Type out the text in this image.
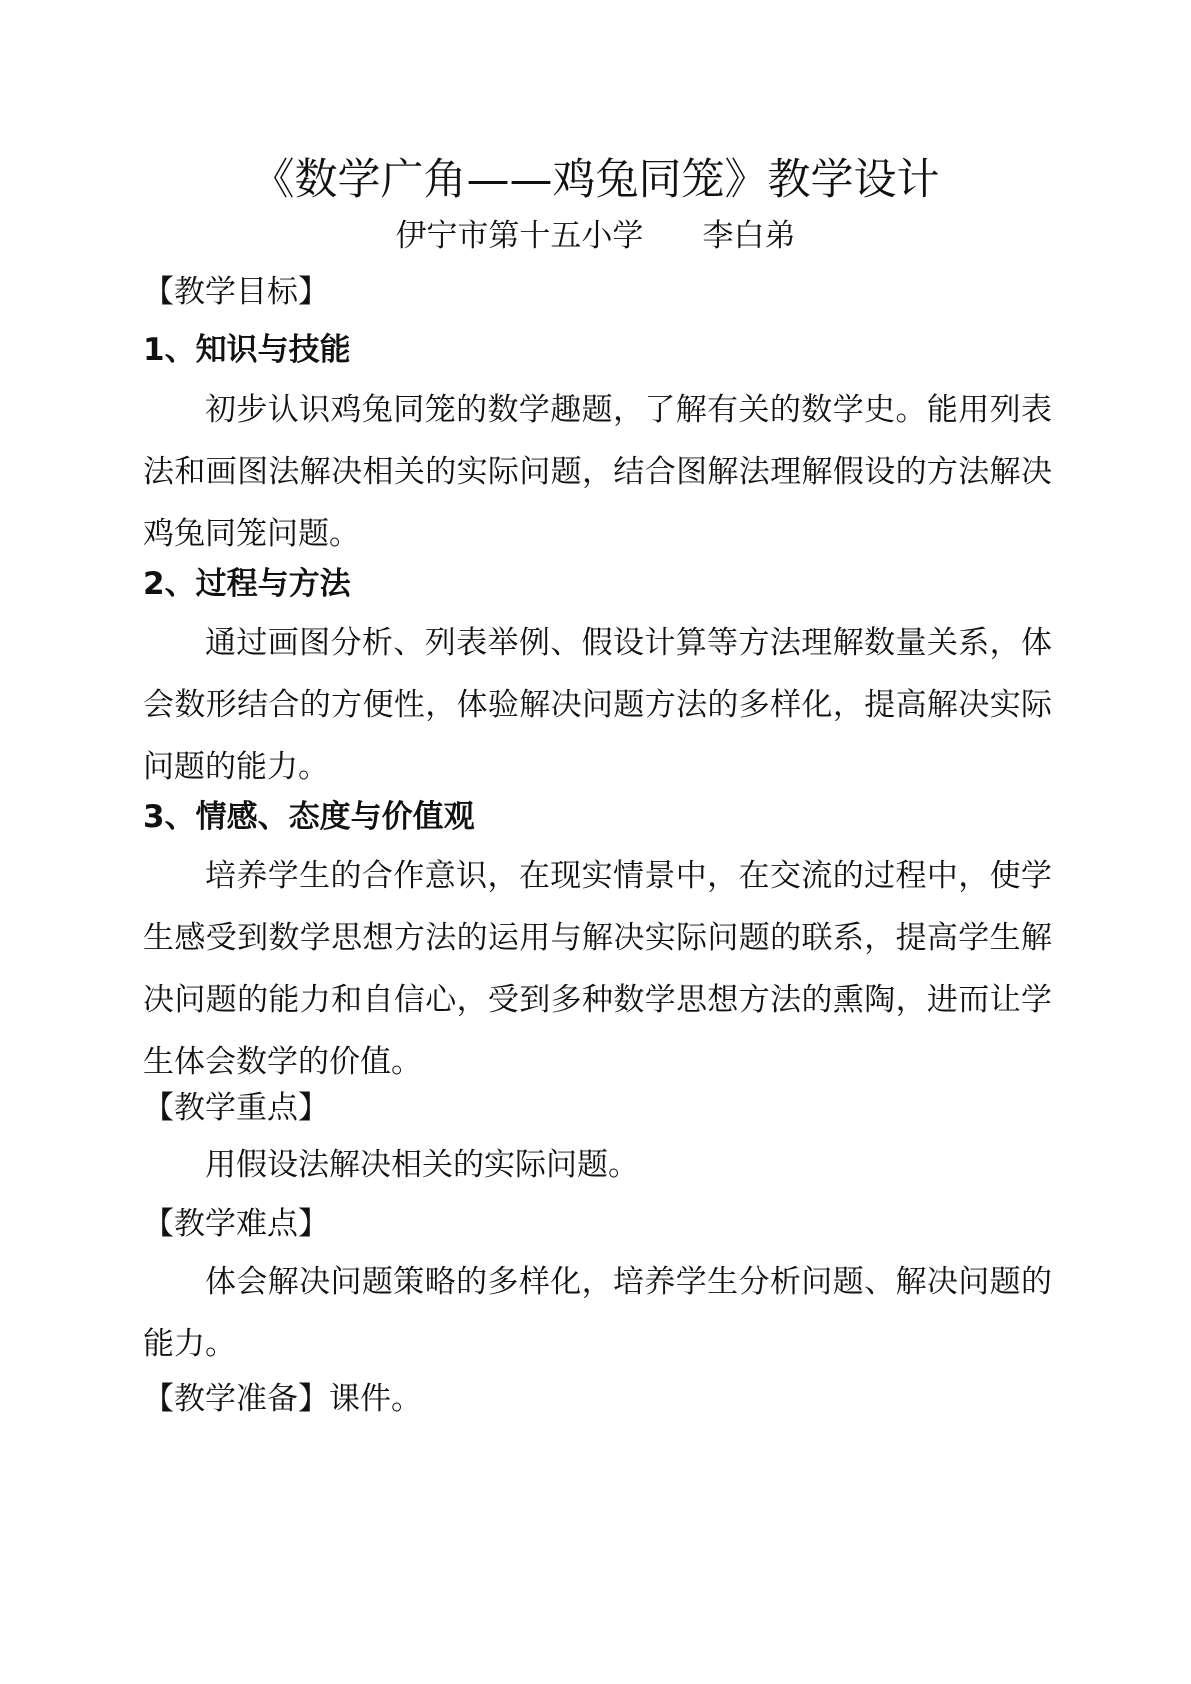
《数学广角——鸡兔同笼》教学设计
伊宁市第十五小学      李白弟
【教学目标】
1、知识与技能
初步认识鸡兔同笼的数学趣题，了解有关的数学史。能用列表法和画图法解决相关的实际问题，结合图解法理解假设的方法解决鸡兔同笼问题。
2、过程与方法
通过画图分析、列表举例、假设计算等方法理解数量关系，体会数形结合的方便性，体验解决问题方法的多样化，提高解决实际问题的能力。
3、情感、态度与价值观
培养学生的合作意识，在现实情景中，在交流的过程中，使学生感受到数学思想方法的运用与解决实际问题的联系，提高学生解决问题的能力和自信心，受到多种数学思想方法的熏陶，进而让学生体会数学的价值。
【教学重点】
用假设法解决相关的实际问题。
【教学难点】
体会解决问题策略的多样化，培养学生分析问题、解决问题的能力。
【教学准备】课件。
